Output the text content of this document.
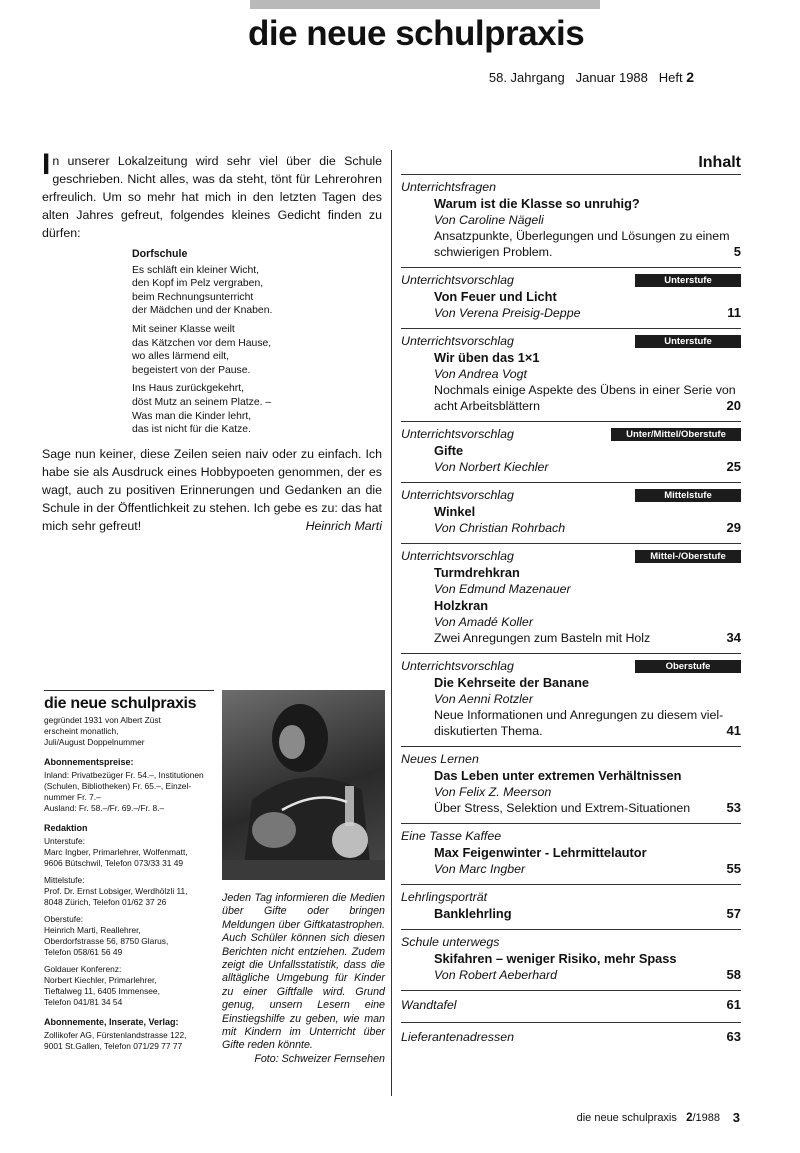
die neue schulpraxis
58. Jahrgang Januar 1988 Heft 2
In unserer Lokalzeitung wird sehr viel über die Schule geschrieben. Nicht alles, was da steht, tönt für Lehrerohren erfreulich. Um so mehr hat mich in den letzten Tagen des alten Jahres gefreut, folgendes kleines Gedicht finden zu dürfen:
Dorfschule
Es schläft ein kleiner Wicht,
den Kopf im Pelz vergraben,
beim Rechnungsunterricht
der Mädchen und der Knaben.
Mit seiner Klasse weilt
das Kätzchen vor dem Hause,
wo alles lärmend eilt,
begeistert von der Pause.
Ins Haus zurückgekehrt,
döst Mutz an seinem Platze. –
Was man die Kinder lehrt,
das ist nicht für die Katze.
Sage nun keiner, diese Zeilen seien naiv oder zu einfach. Ich habe sie als Ausdruck eines Hobbypoeten genommen, der es wagt, auch zu positiven Erinnerungen und Gedanken an die Schule in der Öffentlichkeit zu stehen. Ich gebe es zu: das hat mich sehr gefreut!	Heinrich Marti
Inhalt
Unterrichtsfragen
Warum ist die Klasse so unruhig?
Von Caroline Nägeli
Ansatzpunkte, Überlegungen und Lösungen zu einem schwierigen Problem.	5
Unterrichtsvorschlag	Unterstufe
Von Feuer und Licht
Von Verena Preisig-Deppe	11
Unterrichtsvorschlag	Unterstufe
Wir üben das 1×1
Von Andrea Vogt
Nochmals einige Aspekte des Übens in einer Serie von acht Arbeitsblättern	20
Unterrichtsvorschlag	Unter/Mittel/Oberstufe
Gifte
Von Norbert Kiechler	25
Unterrichtsvorschlag	Mittelstufe
Winkel
Von Christian Rohrbach	29
Unterrichtsvorschlag	Mittel-/Oberstufe
Turmdrehkran
Von Edmund Mazenauer
Holzkran
Von Amadé Koller
Zwei Anregungen zum Basteln mit Holz	34
Unterrichtsvorschlag	Oberstufe
Die Kehrseite der Banane
Von Aenni Rotzler
Neue Informationen und Anregungen zu diesem viel-diskutierten Thema.	41
Neues Lernen
Das Leben unter extremen Verhältnissen
Von Felix Z. Meerson
Über Stress, Selektion und Extrem-Situationen	53
Eine Tasse Kaffee
Max Feigenwinter - Lehrmittelautor
Von Marc Ingber	55
Lehrlingsporträt
Banklehrling	57
Schule unterwegs
Skifahren – weniger Risiko, mehr Spass
Von Robert Aeberhard	58
Wandtafel	61
Lieferantenadressen	63
die neue schulpraxis
gegründet 1931 von Albert Züst
erscheint monatlich,
Juli/August Doppelnummer
Abonnementspreise:
Inland: Privatbezüger Fr. 54.–, Institutionen
(Schulen, Bibliotheken) Fr. 65.–, Einzel-
nummer Fr. 7.–
Ausland: Fr. 58.–/Fr. 69.–/Fr. 8.–
Redaktion
Unterstufe:
Marc Ingber, Primarlehrer, Wolfenmatt,
9606 Bütschwil, Telefon 073/33 31 49
Mittelstufe:
Prof. Dr. Ernst Lobsiger, Werdhölzli 11,
8048 Zürich, Telefon 01/62 37 26
Oberstufe:
Heinrich Marti, Reallehrer,
Oberdorfstrasse 56, 8750 Glarus,
Telefon 058/61 56 49
Goldauer Konferenz:
Norbert Kiechler, Primarlehrer,
Tieftalweg 11, 6405 Immensee,
Telefon 041/81 34 54
Abonnemente, Inserate, Verlag:
Zollikofer AG, Fürstenlandstrasse 122,
9001 St.Gallen, Telefon 071/29 77 77
Jeden Tag informieren die Medien über Gifte oder bringen Meldungen über Giftkatastrophen. Auch Schüler können sich diesen Berichten nicht entziehen. Zudem zeigt die Unfallsstatistik, dass die alltägliche Umgebung für Kinder zu einer Giftfalle wird. Grund genug, unsern Lesern eine Einstiegshilfe zu geben, wie man mit Kindern im Unterricht über Gifte reden könnte.
Foto: Schweizer Fernsehen
die neue schulpraxis 2/1988 3
